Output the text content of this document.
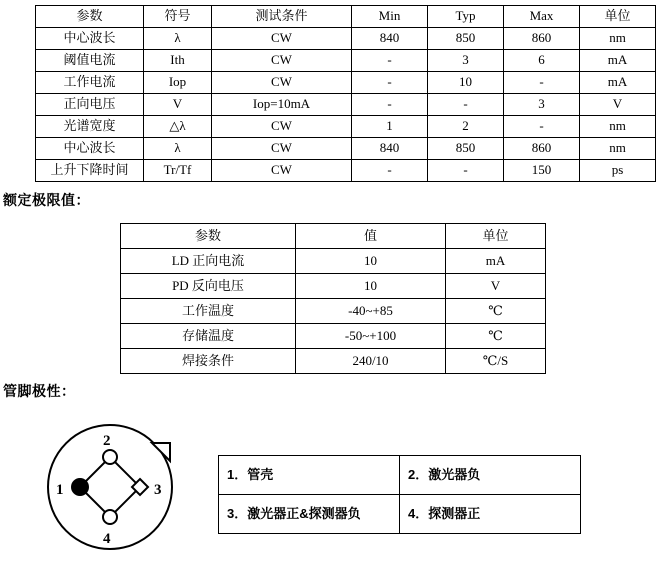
参数	符号	测试条件	Min	Typ	Max	单位
中心波长	λ	CW	840	850	860	nm
阈值电流	Ith	CW	-	3	6	mA
工作电流	Iop	CW	-	10	-	mA
正向电压	V	Iop=10mA	-	-	3	V
光谱宽度	△λ	CW	1	2	-	nm
中心波长	λ	CW	840	850	860	nm
上升下降时间	Tr/Tf	CW	-	-	150	ps
额定极限值：
参数	值	单位
LD 正向电流	10	mA
PD 反向电压	10	V
工作温度	-40~+85	℃
存储温度	-50~+100	℃
焊接条件	240/10	℃/S
管脚极性：
2
1	3
4
1．管壳	2．激光器负
3．激光器正&探测器负	4．探测器正
